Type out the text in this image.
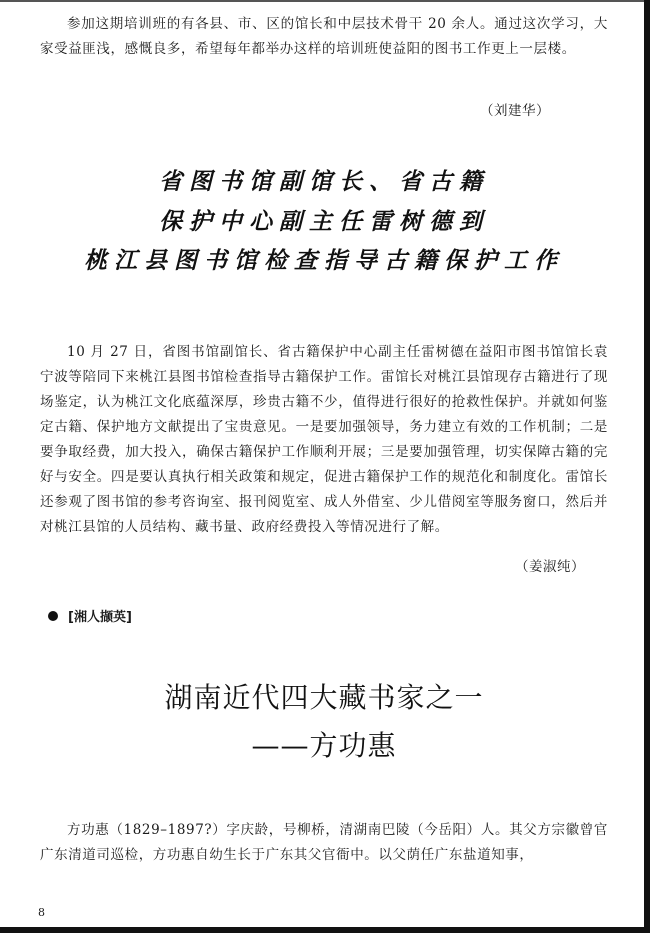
参加这期培训班的有各县、市、区的馆长和中层技术骨干 20 余人。通过这次学习，大家受益匪浅，感慨良多，希望每年都举办这样的培训班使益阳的图书工作更上一层楼。

（刘建华）
省图书馆副馆长、省古籍
保护中心副主任雷树德到
桃江县图书馆检查指导古籍保护工作

10 月 27 日，省图书馆副馆长、省古籍保护中心副主任雷树德在益阳市图书馆馆长袁宁波等陪同下来桃江县图书馆检查指导古籍保护工作。雷馆长对桃江县馆现存古籍进行了现场鉴定，认为桃江文化底蕴深厚，珍贵古籍不少，值得进行很好的抢救性保护。并就如何鉴定古籍、保护地方文献提出了宝贵意见。一是要加强领导，务力建立有效的工作机制；二是要争取经费，加大投入，确保古籍保护工作顺利开展；三是要加强管理，切实保障古籍的完好与安全。四是要认真执行相关政策和规定，促进古籍保护工作的规范化和制度化。雷馆长还参观了图书馆的参考咨询室、报刊阅览室、成人外借室、少儿借阅室等服务窗口，然后并对桃江县馆的人员结构、藏书量、政府经费投入等情况进行了解。

（姜淑纯）
[湘人撷英]
湖南近代四大藏书家之一
——方功惠

方功惠（1829–1897?）字庆龄，号柳桥，清湖南巴陵（今岳阳）人。其父方宗徽曾官广东清道司巡检，方功惠自幼生长于广东其父官衙中。以父荫任广东盐道知事，

8
